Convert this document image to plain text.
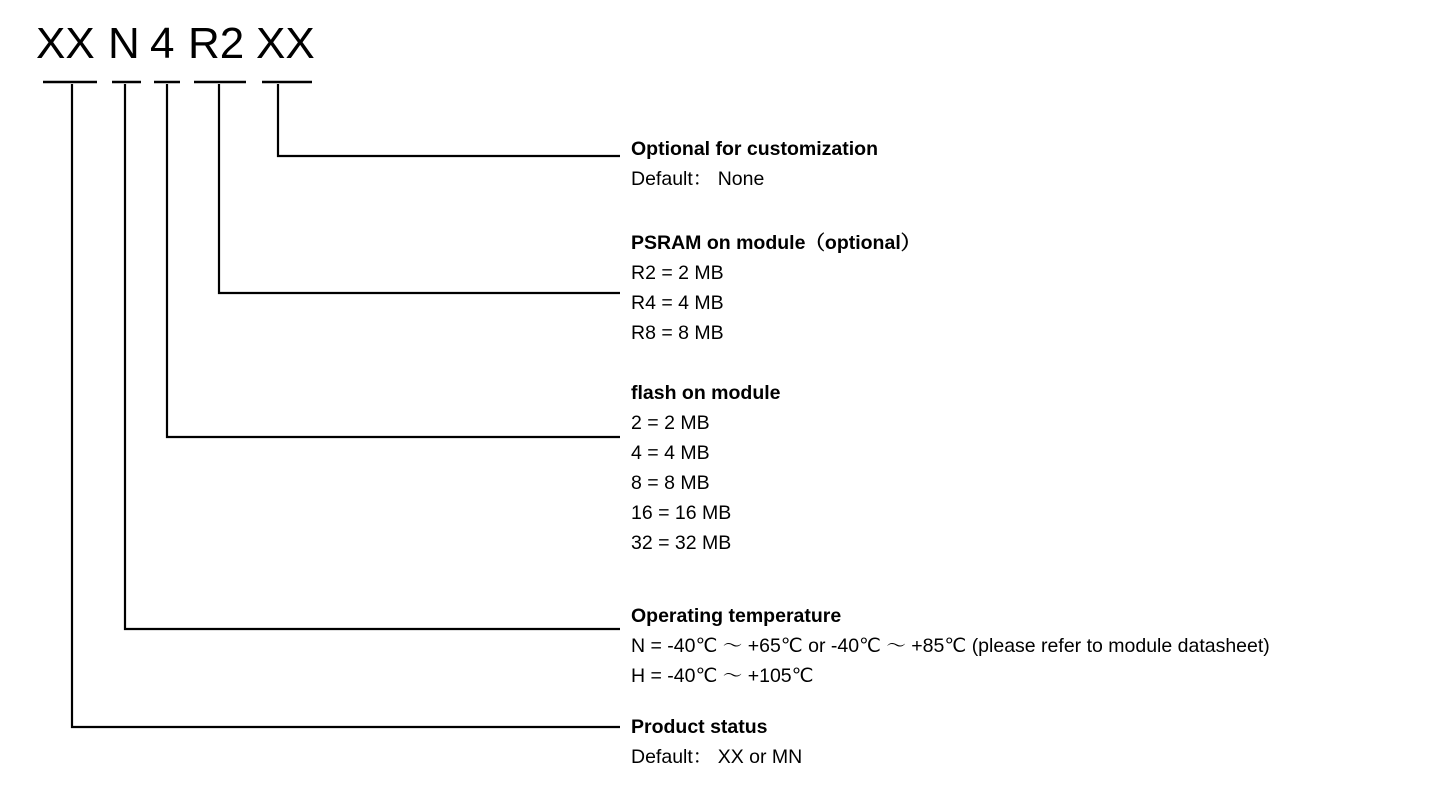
XX N 4 R2 XX
Optional for customization
Default： None
PSRAM on module（optional）
R2 = 2 MB
R4 = 4 MB
R8 = 8 MB
flash on module
2 = 2 MB
4 = 4 MB
8 = 8 MB
16 = 16 MB
32 = 32 MB
Operating temperature
N = -40℃ ～ +65℃ or -40℃ ～ +85℃ (please refer to module datasheet)
H = -40℃ ～ +105℃
Product status
Default： XX or MN
